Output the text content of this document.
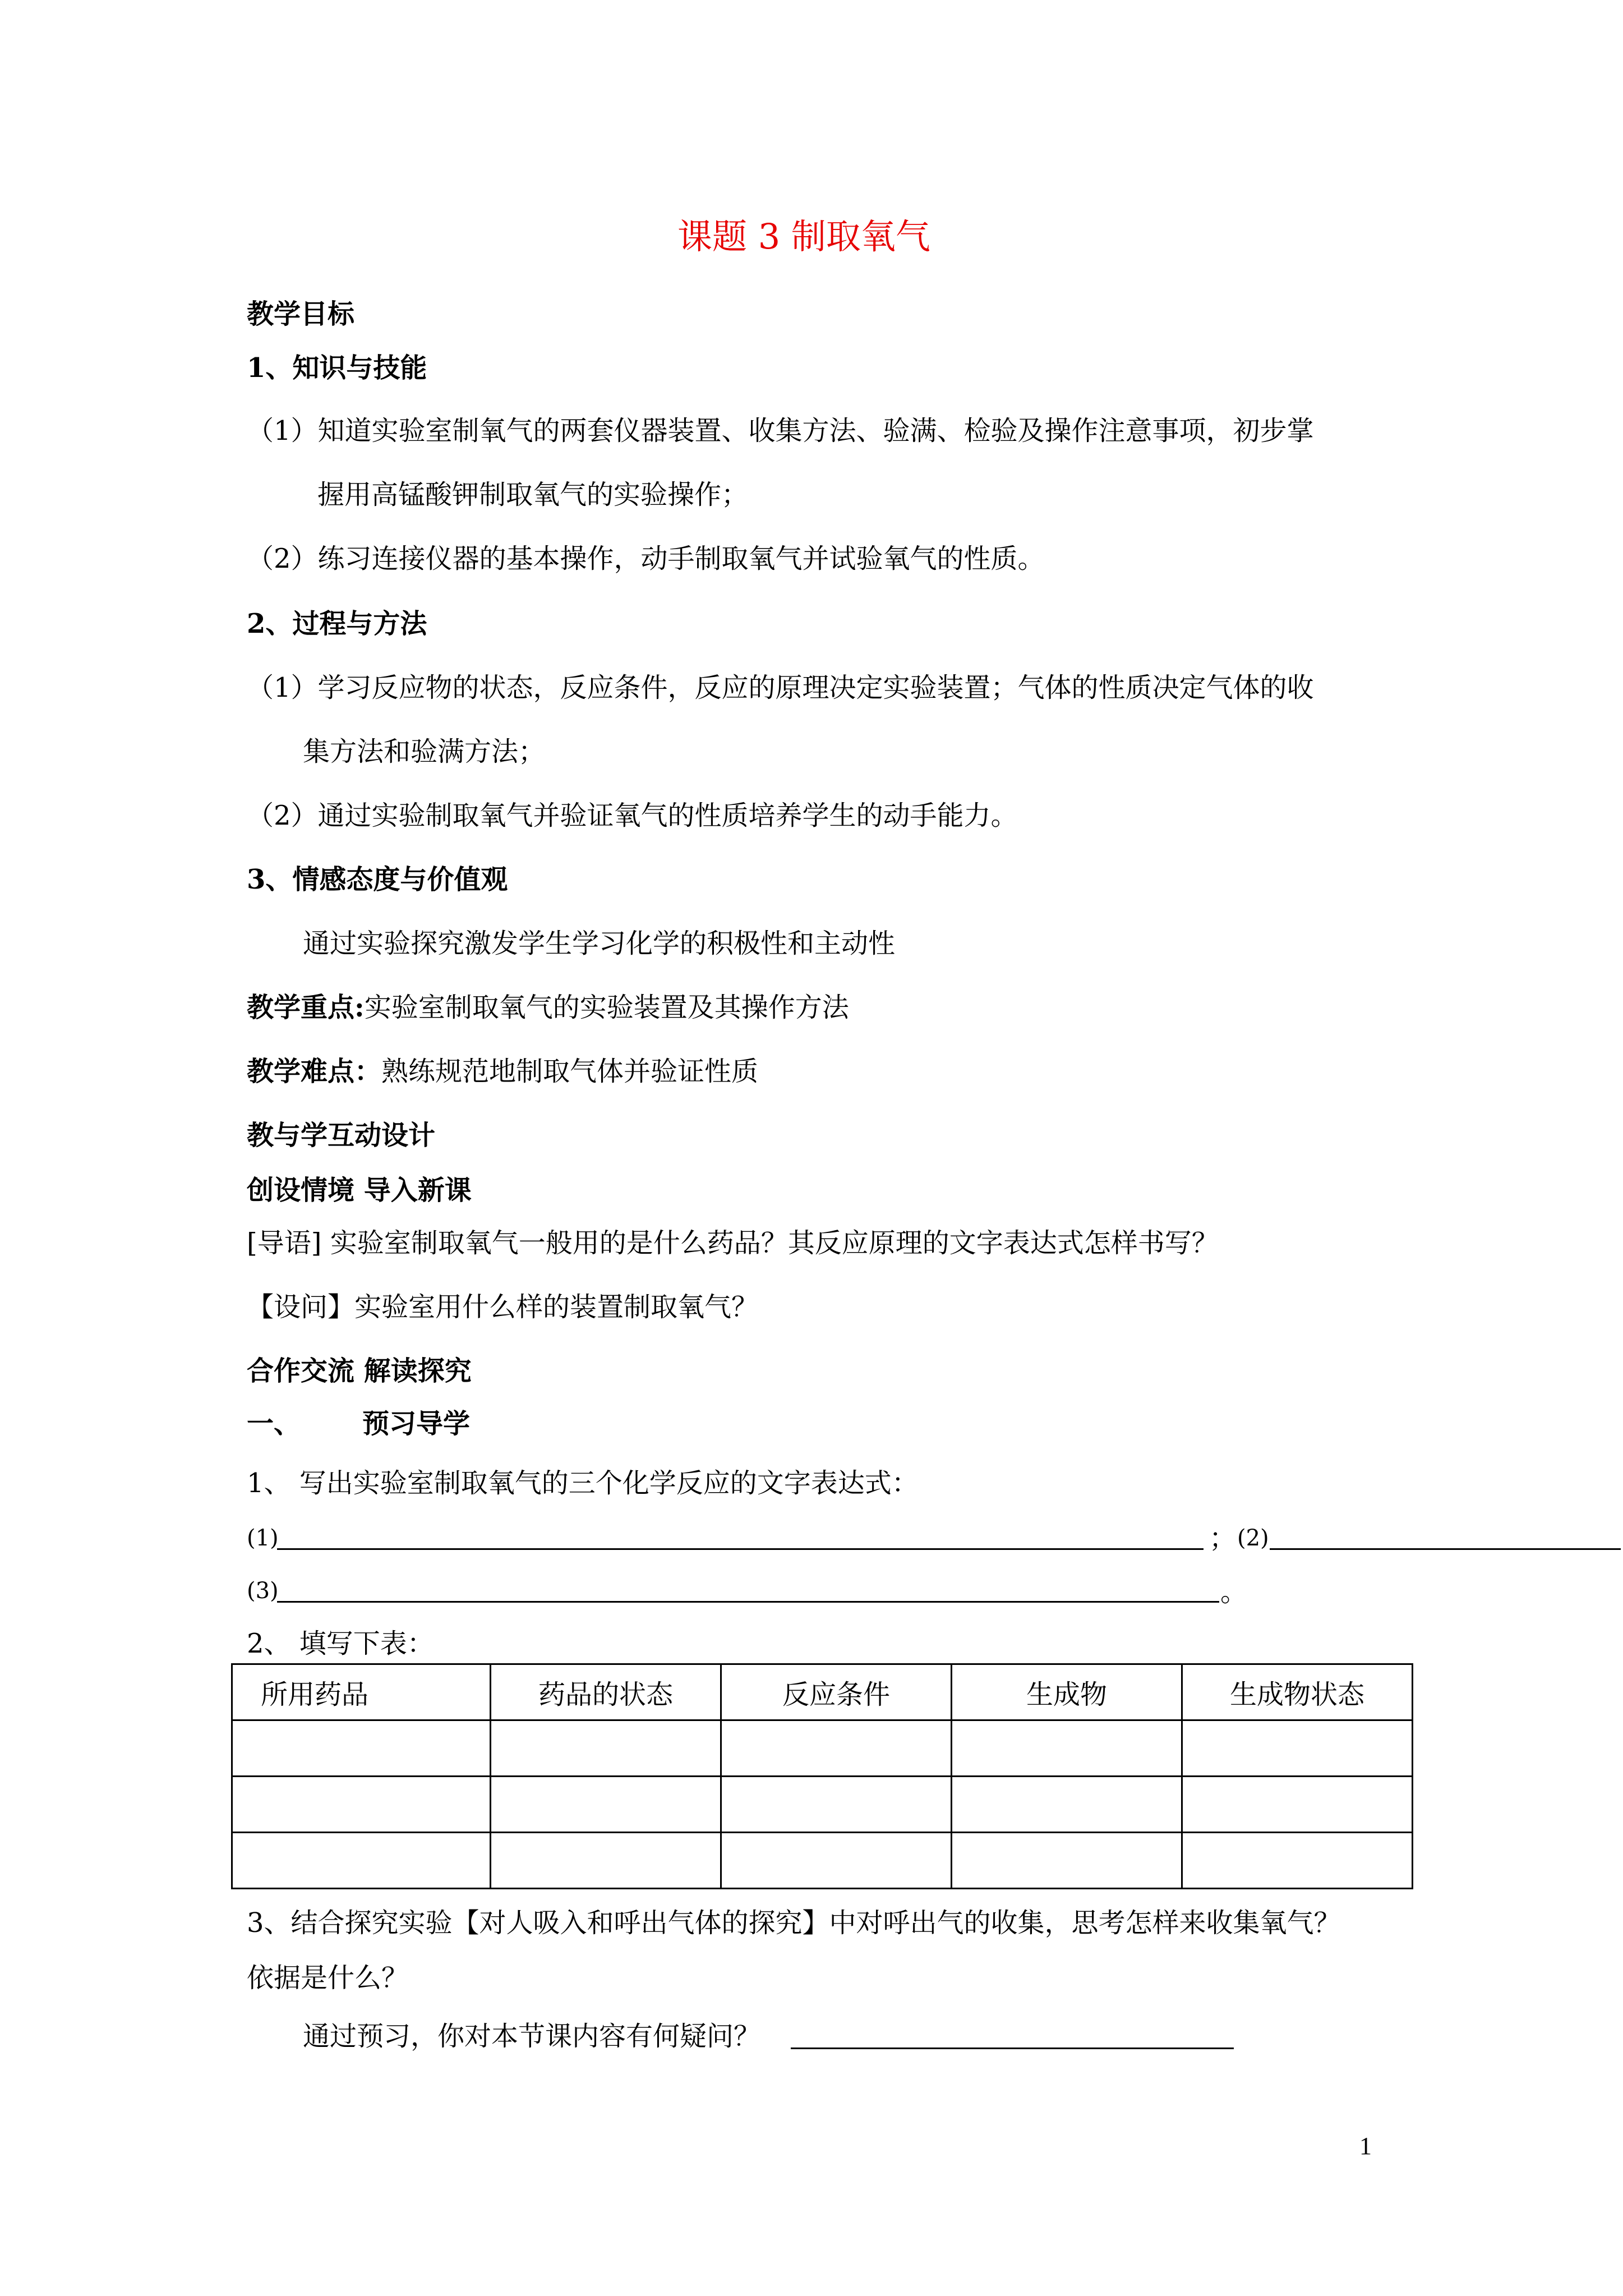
课题 3 制取氧气
教学目标
1、知识与技能
（1）知道实验室制氧气的两套仪器装置、收集方法、验满、检验及操作注意事项，初步掌
握用高锰酸钾制取氧气的实验操作；
（2）练习连接仪器的基本操作，动手制取氧气并试验氧气的性质。
2、过程与方法
（1）学习反应物的状态，反应条件，反应的原理决定实验装置；气体的性质决定气体的收
集方法和验满方法；
（2）通过实验制取氧气并验证氧气的性质培养学生的动手能力。
3、情感态度与价值观
通过实验探究激发学生学习化学的积极性和主动性
教学重点:实验室制取氧气的实验装置及其操作方法
教学难点：熟练规范地制取气体并验证性质
教与学互动设计
创设情境 导入新课
[导语] 实验室制取氧气一般用的是什么药品？其反应原理的文字表达式怎样书写？
【设问】实验室用什么样的装置制取氧气？
合作交流 解读探究
一、 预习导学
1、 写出实验室制取氧气的三个化学反应的文字表达式：
(1)	； (2)
(3)	。
2、 填写下表：
所用药品	药品的状态	反应条件	生成物	生成物状态

3、结合探究实验【对人吸入和呼出气体的探究】中对呼出气的收集，思考怎样来收集氧气？
依据是什么？
通过预习，你对本节课内容有何疑问？
1
